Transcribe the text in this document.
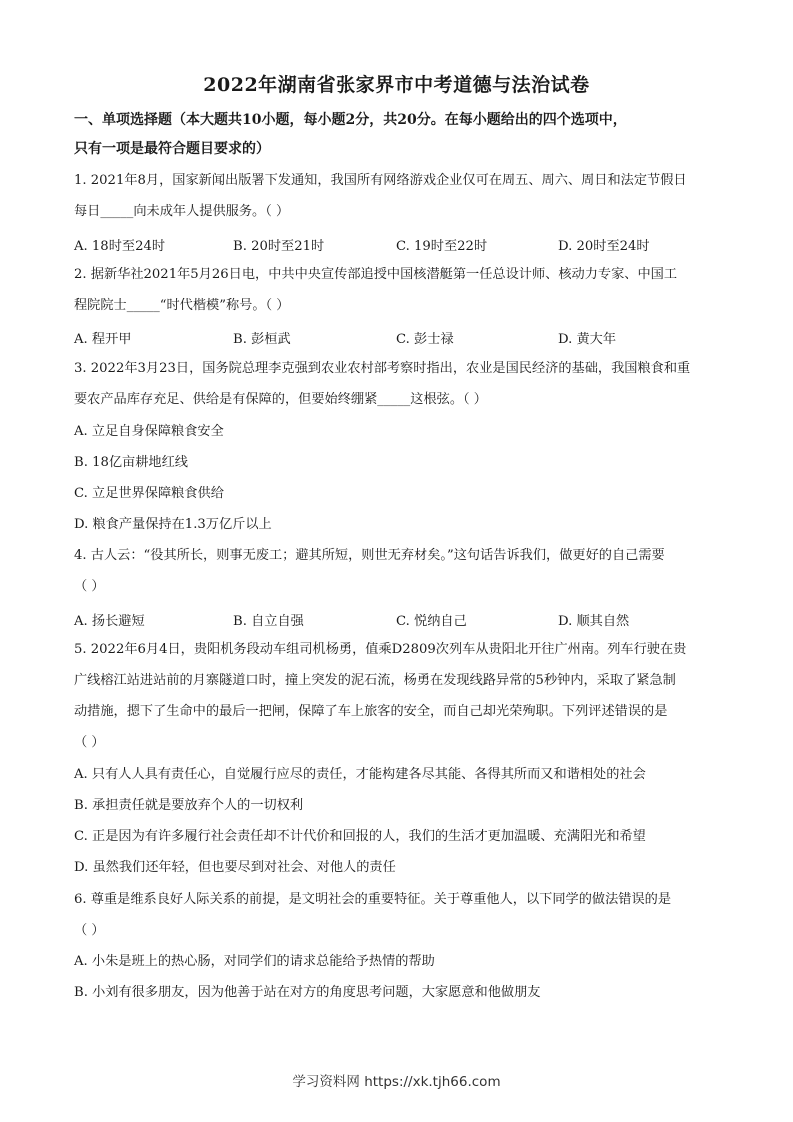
2022年湖南省张家界市中考道德与法治试卷
一、单项选择题（本大题共10小题，每小题2分，共20分。在每小题给出的四个选项中，
只有一项是最符合题目要求的）
1. 2021年8月，国家新闻出版署下发通知，我国所有网络游戏企业仅可在周五、周六、周日和法定节假日
每日_____向未成年人提供服务。（ ）
A. 18时至24时	B. 20时至21时	C. 19时至22时	D. 20时至24时
2. 据新华社2021年5月26日电，中共中央宣传部追授中国核潜艇第一任总设计师、核动力专家、中国工
程院院士_____“时代楷模”称号。（ ）
A. 程开甲	B. 彭桓武	C. 彭士禄	D. 黄大年
3. 2022年3月23日，国务院总理李克强到农业农村部考察时指出，农业是国民经济的基础，我国粮食和重
要农产品库存充足、供给是有保障的，但要始终绷紧_____这根弦。（ ）
A. 立足自身保障粮食安全
B. 18亿亩耕地红线
C. 立足世界保障粮食供给
D. 粮食产量保持在1.3万亿斤以上
4. 古人云：“役其所长，则事无废工；避其所短，则世无弃材矣。”这句话告诉我们，做更好的自己需要
（ ）
A. 扬长避短	B. 自立自强	C. 悦纳自己	D. 顺其自然
5. 2022年6月4日，贵阳机务段动车组司机杨勇，值乘D2809次列车从贵阳北开往广州南。列车行驶在贵
广线榕江站进站前的月寨隧道口时，撞上突发的泥石流，杨勇在发现线路异常的5秒钟内，采取了紧急制
动措施，摁下了生命中的最后一把闸，保障了车上旅客的安全，而自己却光荣殉职。下列评述错误的是
（ ）
A. 只有人人具有责任心，自觉履行应尽的责任，才能构建各尽其能、各得其所而又和谐相处的社会
B. 承担责任就是要放弃个人的一切权利
C. 正是因为有许多履行社会责任却不计代价和回报的人，我们的生活才更加温暖、充满阳光和希望
D. 虽然我们还年轻，但也要尽到对社会、对他人的责任
6. 尊重是维系良好人际关系的前提，是文明社会的重要特征。关于尊重他人，以下同学的做法错误的是
（ ）
A. 小朱是班上的热心肠，对同学们的请求总能给予热情的帮助
B. 小刘有很多朋友，因为他善于站在对方的角度思考问题，大家愿意和他做朋友
学习资料网 https://xk.tjh66.com
